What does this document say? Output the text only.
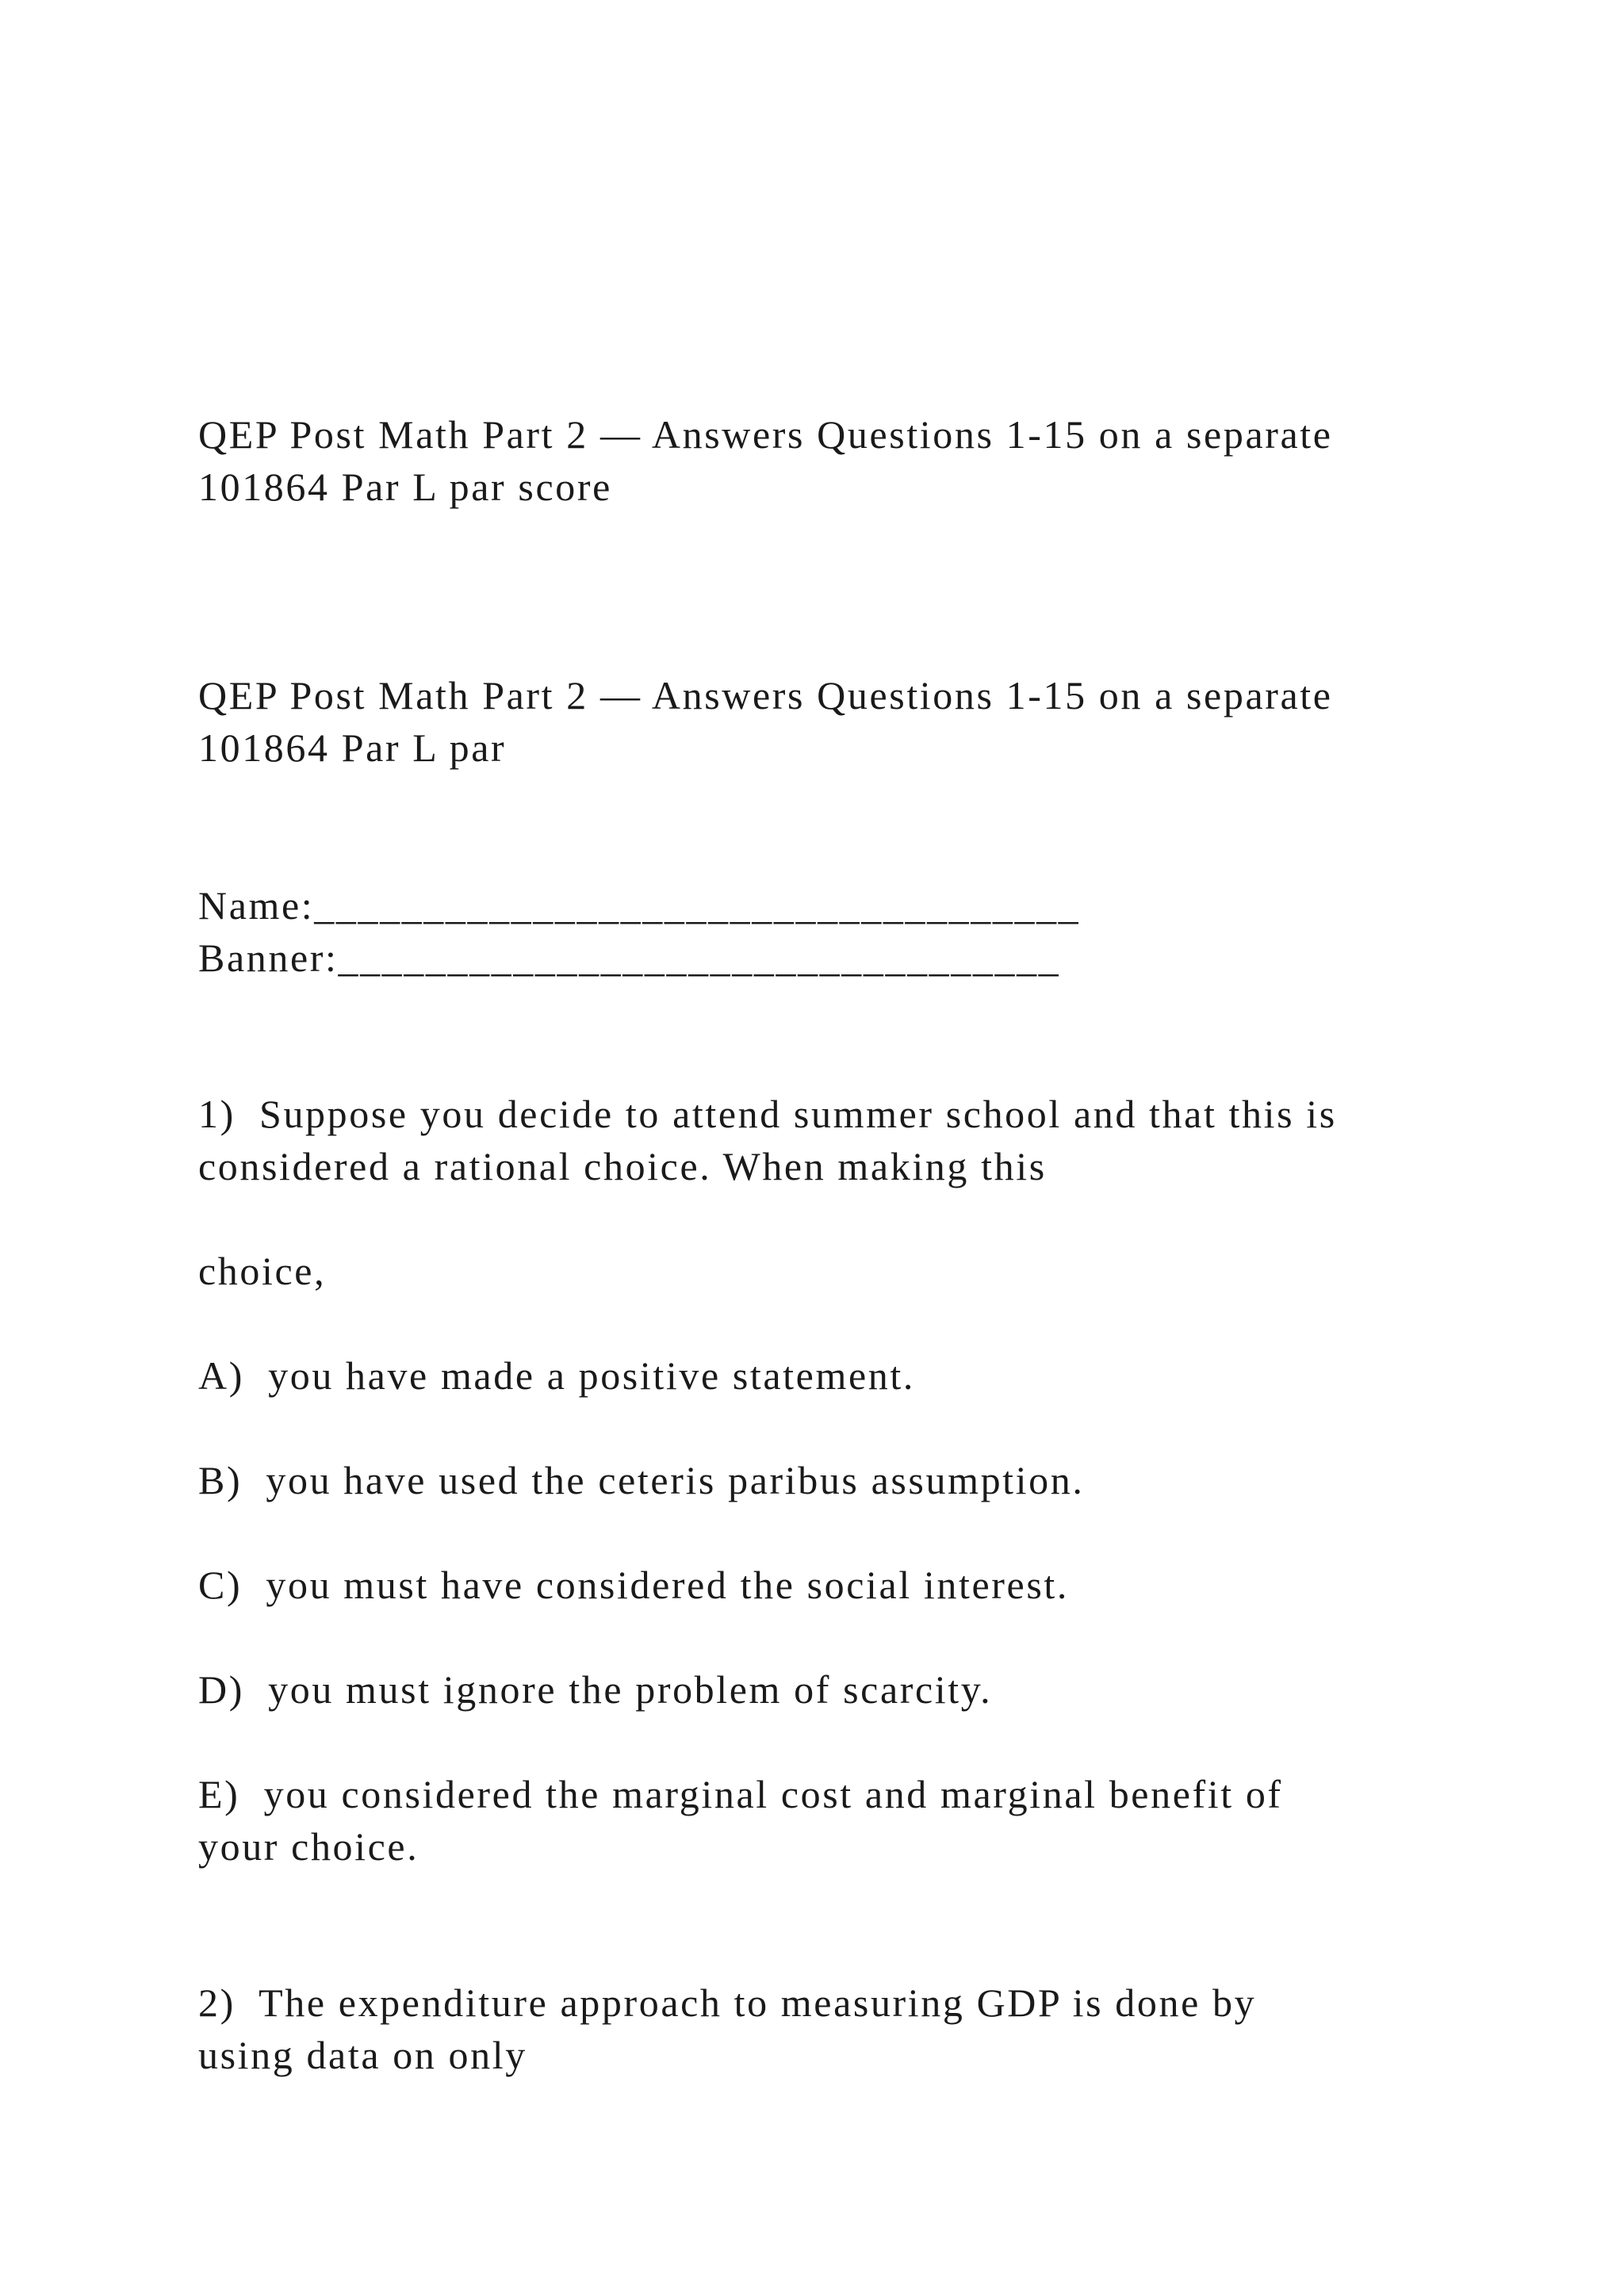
QEP Post Math Part 2 — Answers Questions 1-15 on a separate
101864 Par L par score
QEP Post Math Part 2 — Answers Questions 1-15 on a separate
101864 Par L par
Name:___________________________________
Banner:_________________________________
1)  Suppose you decide to attend summer school and that this is
considered a rational choice. When making this
choice,
A)  you have made a positive statement.
B)  you have used the ceteris paribus assumption.
C)  you must have considered the social interest.
D)  you must ignore the problem of scarcity.
E)  you considered the marginal cost and marginal benefit of
your choice.
2)  The expenditure approach to measuring GDP is done by
using data on only
